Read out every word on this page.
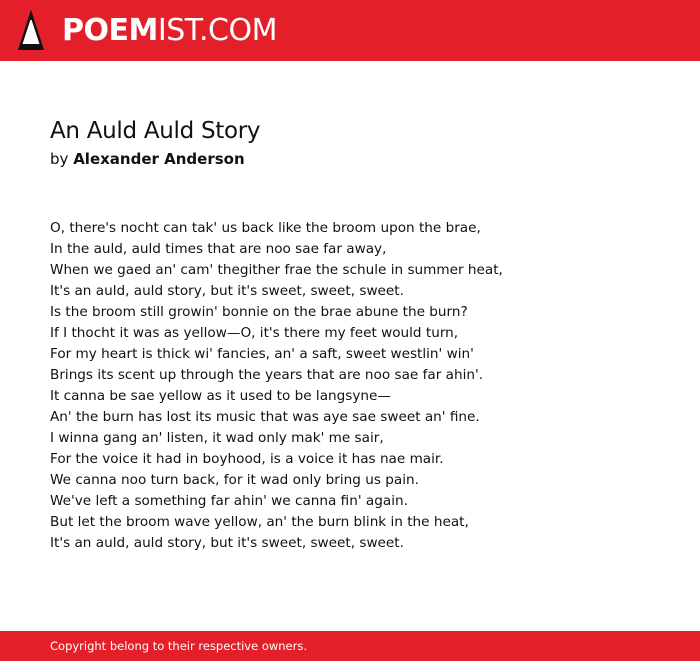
POEMIST.COM
An Auld Auld Story
by Alexander Anderson
O, there's nocht can tak' us back like the broom upon the brae,
In the auld, auld times that are noo sae far away,
When we gaed an' cam' thegither frae the schule in summer heat,
It's an auld, auld story, but it's sweet, sweet, sweet.
Is the broom still growin' bonnie on the brae abune the burn?
If I thocht it was as yellow—O, it's there my feet would turn,
For my heart is thick wi' fancies, an' a saft, sweet westlin' win'
Brings its scent up through the years that are noo sae far ahin'.
It canna be sae yellow as it used to be langsyne—
An' the burn has lost its music that was aye sae sweet an' fine.
I winna gang an' listen, it wad only mak' me sair,
For the voice it had in boyhood, is a voice it has nae mair.
We canna noo turn back, for it wad only bring us pain.
We've left a something far ahin' we canna fin' again.
But let the broom wave yellow, an' the burn blink in the heat,
It's an auld, auld story, but it's sweet, sweet, sweet.
Copyright belong to their respective owners.
